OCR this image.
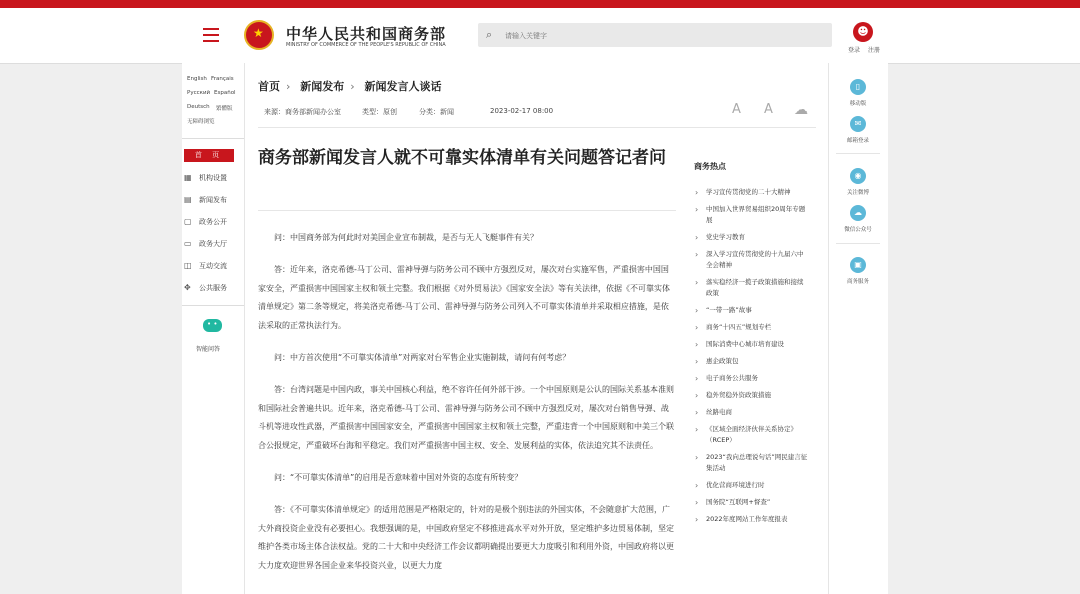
★
中华人民共和国商务部
MINISTRY OF COMMERCE OF THE PEOPLE'S REPUBLIC OF CHINA
⌕
请输入关键字	☻
登录 注册
English Français
Русский Español
Deutsch 繁體版
无障碍浏览
首 页
▦ 机构设置
▤ 新闻发布
▢ 政务公开
▭ 政务大厅
◫ 互动交流
✥ 公共服务
• •
智能问答
首页 › 新闻发布 › 新闻发言人谈话
来源：商务部新闻办公室	类型：原创	分类：新闻	2023-02-17 08:00	A A ☁
商务部新闻发言人就不可靠实体清单有关问题答记者问

问：中国商务部为何此时对美国企业宣布制裁，是否与无人飞艇事件有关？

答：近年来，洛克希德-马丁公司、雷神导弹与防务公司不顾中方强烈反对，屡次对台实施军售，严重损害中国国家安全，严重损害中国国家主权和领土完整。我们根据《对外贸易法》《国家安全法》等有关法律，依据《不可靠实体清单规定》第二条等规定，将美洛克希德-马丁公司、雷神导弹与防务公司列入不可靠实体清单并采取相应措施，是依法采取的正常执法行为。

问：中方首次使用“不可靠实体清单”对两家对台军售企业实施制裁，请问有何考虑？

答：台湾问题是中国内政，事关中国核心利益，绝不容许任何外部干涉。一个中国原则是公认的国际关系基本准则和国际社会普遍共识。近年来，洛克希德-马丁公司、雷神导弹与防务公司不顾中方强烈反对，屡次对台销售导弹、战斗机等进攻性武器，严重损害中国国家安全，严重损害中国国家主权和领土完整，严重违背一个中国原则和中美三个联合公报规定，严重破坏台海和平稳定。我们对严重损害中国主权、安全、发展利益的实体，依法追究其不法责任。

问：“不可靠实体清单”的启用是否意味着中国对外资的态度有所转变？

答：《不可靠实体清单规定》的适用范围是严格限定的，针对的是极个别违法的外国实体，不会随意扩大范围，广大外商投资企业没有必要担心。我想强调的是，中国政府坚定不移推进高水平对外开放，坚定维护多边贸易体制，坚定维护各类市场主体合法权益。党的二十大和中央经济工作会议都明确提出要更大力度吸引和利用外资，中国政府将以更大力度欢迎世界各国企业来华投资兴业，以更大力度

商务热点
› 学习宣传贯彻党的二十大精神
› 中国加入世界贸易组织20周年专题展
› 党史学习教育
› 深入学习宣传贯彻党的十九届六中全会精神
› 落实稳经济一揽子政策措施和接续政策
› “一带一路”故事
› 商务“十四五”规划专栏
› 国际消费中心城市培育建设
› 惠企政策包
› 电子商务公共服务
› 稳外贸稳外资政策措施
› 丝路电商
› 《区域全面经济伙伴关系协定》（RCEP）
› 2023“我向总理说句话”网民建言征集活动
› 优化营商环境进行时
› 国务院“互联网+督查”
› 2022年度网站工作年度报表
▯
移动版
✉
邮箱登录
◉
关注微博
☁
微信公众号
▣
商务服务
